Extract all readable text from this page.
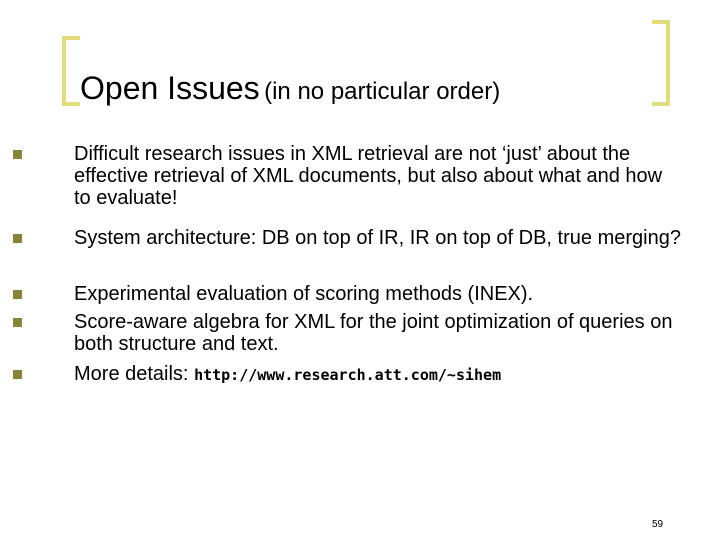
Open Issues (in no particular order)
Difficult research issues in XML retrieval are not ‘just’ about the effective retrieval of XML documents, but also about what and how to evaluate!
System architecture: DB on top of IR, IR on top of DB, true merging?
Experimental evaluation of scoring methods (INEX).
Score-aware algebra for XML for the joint optimization of queries on both structure and text.
More details: http://www.research.att.com/~sihem
59
